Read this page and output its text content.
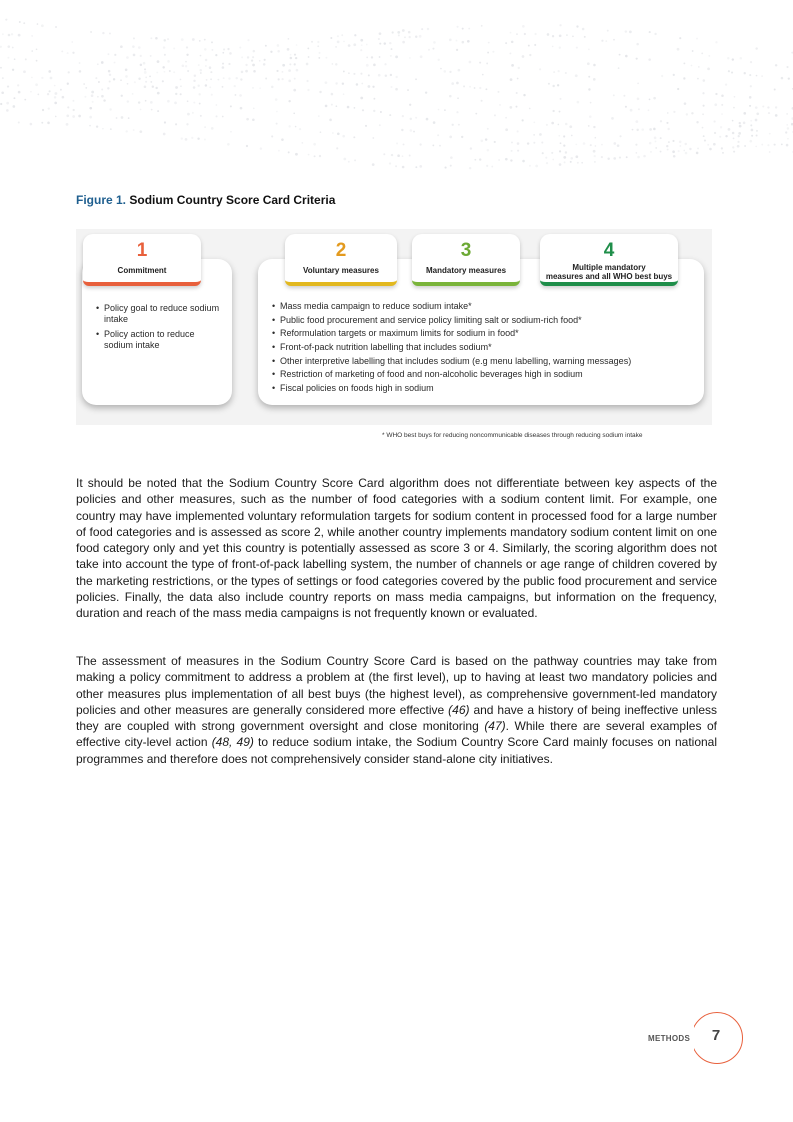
Figure 1. Sodium Country Score Card Criteria
• Policy goal to reduce sodium intake
• Policy action to reduce sodium intake
• Mass media campaign to reduce sodium intake*
• Public food procurement and service policy limiting salt or sodium-rich food*
• Reformulation targets or maximum limits for sodium in food*
• Front-of-pack nutrition labelling that includes sodium*
• Other interpretive labelling that includes sodium (e.g menu labelling, warning messages)
• Restriction of marketing of food and non-alcoholic beverages high in sodium
• Fiscal policies on foods high in sodium
1
Commitment
2
Voluntary measures
3
Mandatory measures
4
Multiple mandatory
measures and all WHO best buys
* WHO best buys for reducing noncommunicable diseases through reducing sodium intake

It should be noted that the Sodium Country Score Card algorithm does not differentiate between key aspects of the policies and other measures, such as the number of food categories with a sodium content limit. For example, one country may have implemented voluntary reformulation targets for sodium content in processed food for a large number of food categories and is assessed as score 2, while another country implements mandatory sodium content limit on one food category only and yet this country is potentially assessed as score 3 or 4. Similarly, the scoring algorithm does not take into account the type of front-of-pack labelling system, the number of channels or age range of children covered by the marketing restrictions, or the types of settings or food categories covered by the public food procurement and service policies. Finally, the data also include country reports on mass media campaigns, but information on the frequency, duration and reach of the mass media campaigns is not frequently known or evaluated.

The assessment of measures in the Sodium Country Score Card is based on the pathway countries may take from making a policy commitment to address a problem at (the first level), up to having at least two mandatory policies and other measures plus implementation of all best buys (the highest level), as comprehensive government-led mandatory policies and other measures are generally considered more effective (46) and have a history of being ineffective unless they are coupled with strong government oversight and close monitoring (47). While there are several examples of effective city-level action (48, 49) to reduce sodium intake, the Sodium Country Score Card mainly focuses on national programmes and therefore does not comprehensively consider stand-alone city initiatives.

METHODS	7
